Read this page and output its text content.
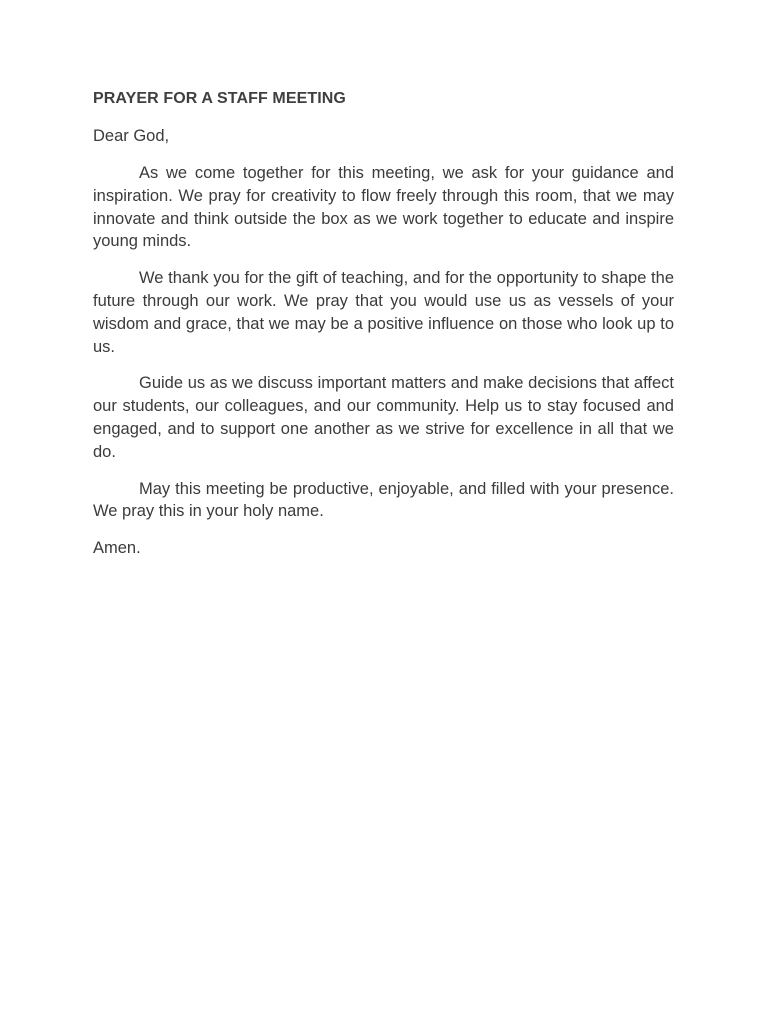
PRAYER FOR A STAFF MEETING
Dear God,

As we come together for this meeting, we ask for your guidance and inspiration. We pray for creativity to flow freely through this room, that we may innovate and think outside the box as we work together to educate and inspire young minds.

We thank you for the gift of teaching, and for the opportunity to shape the future through our work. We pray that you would use us as vessels of your wisdom and grace, that we may be a positive influence on those who look up to us.

Guide us as we discuss important matters and make decisions that affect our students, our colleagues, and our community. Help us to stay focused and engaged, and to support one another as we strive for excellence in all that we do.

May this meeting be productive, enjoyable, and filled with your presence. We pray this in your holy name.

Amen.
